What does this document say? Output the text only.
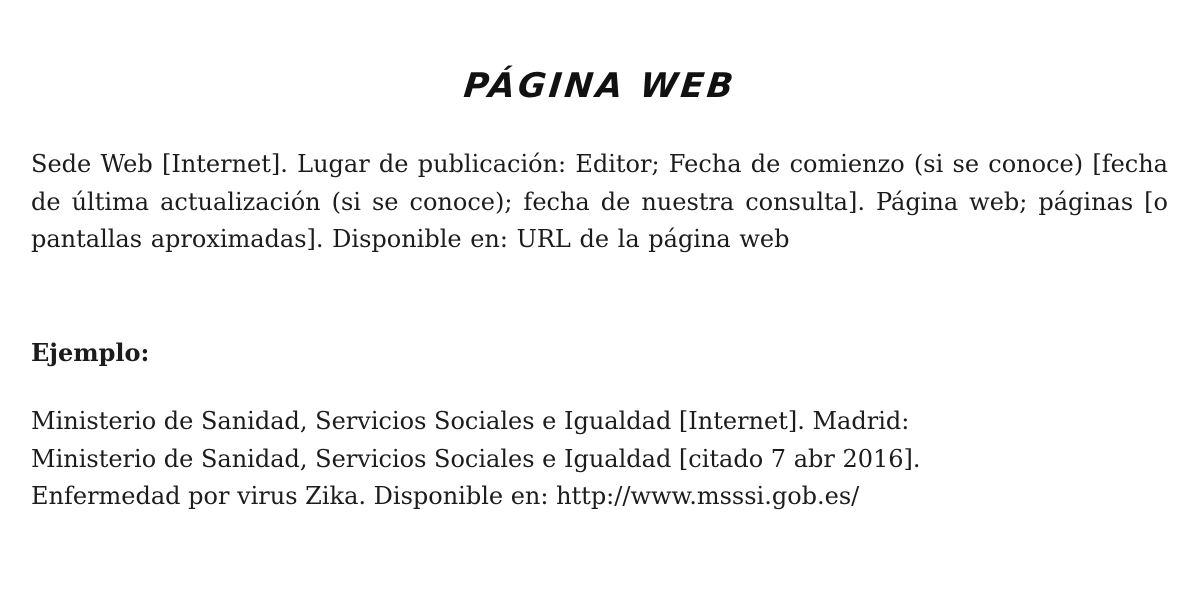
PÁGINA WEB

Sede Web [Internet]. Lugar de publicación: Editor; Fecha de comienzo (si se conoce) [fecha de última actualización (si se conoce); fecha de nuestra consulta]. Página web; páginas [o pantallas aproximadas]. Disponible en: URL de la página web

Ejemplo:

Ministerio de Sanidad, Servicios Sociales e Igualdad [Internet]. Madrid:
Ministerio de Sanidad, Servicios Sociales e Igualdad [citado 7 abr 2016].
Enfermedad por virus Zika. Disponible en: http://www.msssi.gob.es/
